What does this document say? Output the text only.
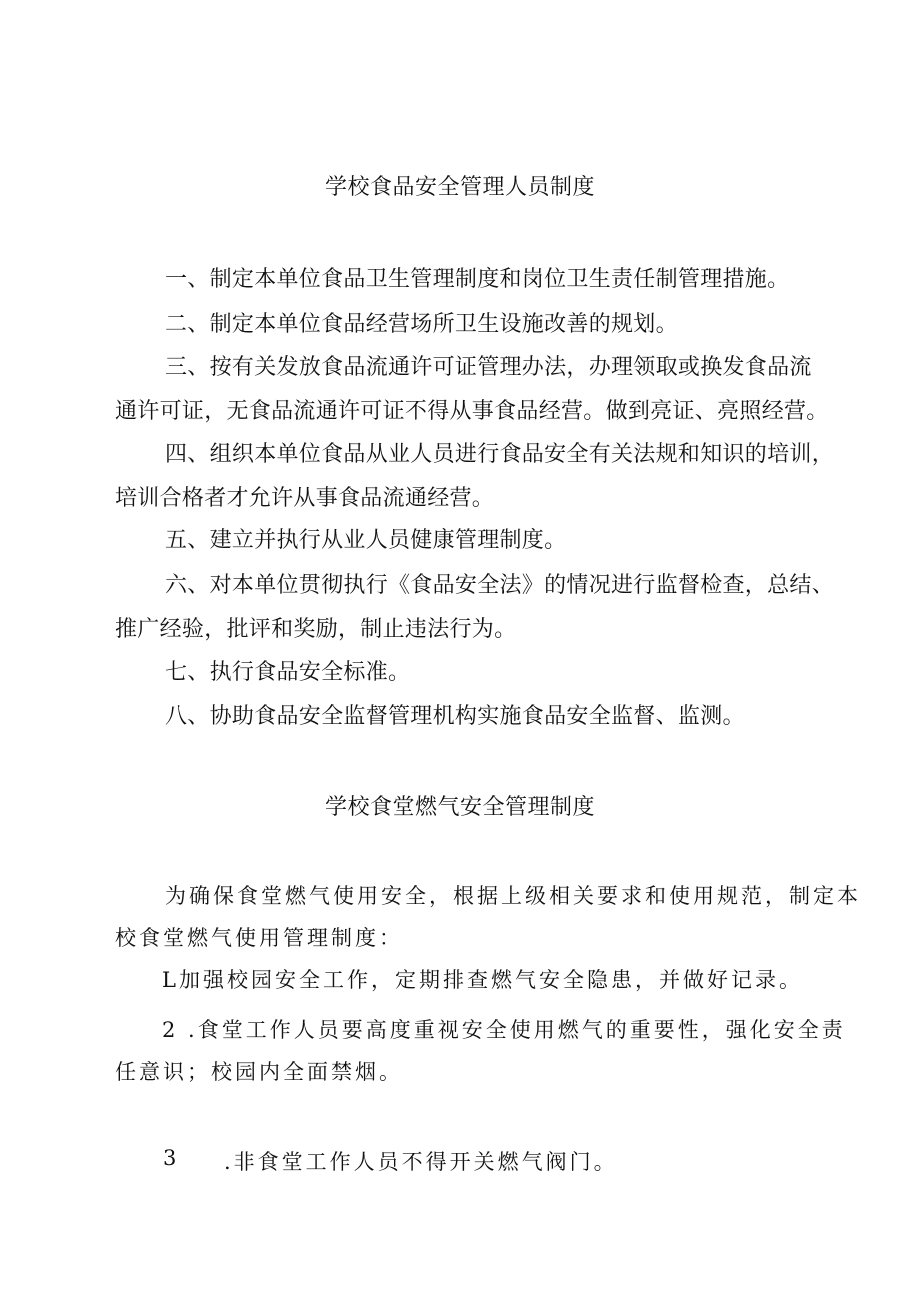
学校食品安全管理人员制度
一、制定本单位食品卫生管理制度和岗位卫生责任制管理措施。
二、制定本单位食品经营场所卫生设施改善的规划。
三、按有关发放食品流通许可证管理办法，办理领取或换发食品流
通许可证，无食品流通许可证不得从事食品经营。做到亮证、亮照经营。
四、组织本单位食品从业人员进行食品安全有关法规和知识的培训，
培训合格者才允许从事食品流通经营。
五、建立并执行从业人员健康管理制度。
六、对本单位贯彻执行《食品安全法》的情况进行监督检查，总结、
推广经验，批评和奖励，制止违法行为。
七、执行食品安全标准。
八、协助食品安全监督管理机构实施食品安全监督、监测。
学校食堂燃气安全管理制度
为确保食堂燃气使用安全，根据上级相关要求和使用规范，制定本
校食堂燃气使用管理制度：
L加强校园安全工作，定期排查燃气安全隐患，并做好记录。
2 .食堂工作人员要高度重视安全使用燃气的重要性，强化安全责
任意识；校园内全面禁烟。
3 .非食堂工作人员不得开关燃气阀门。
